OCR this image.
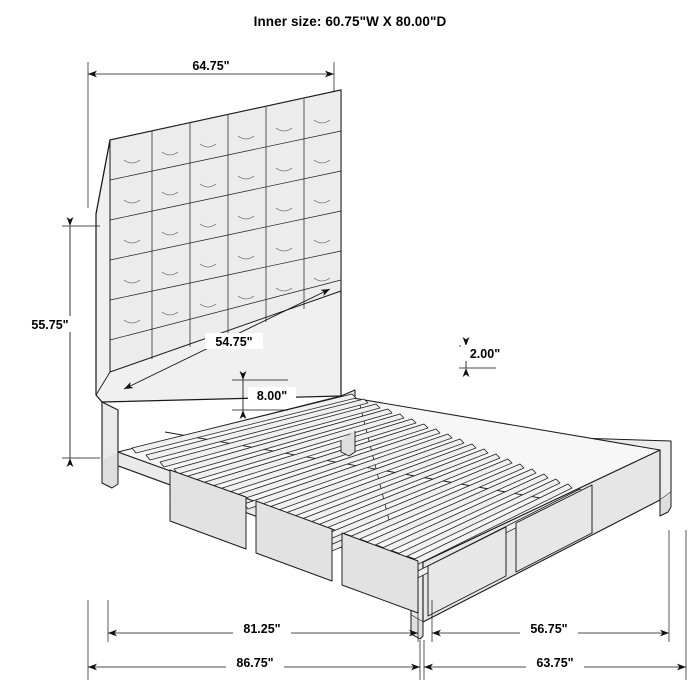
Inner size: 60.75"W X 80.00"D
64.75"
55.75"
54.75"
2.00"
8.00"
81.25"	56.75"
86.75"	63.75"
